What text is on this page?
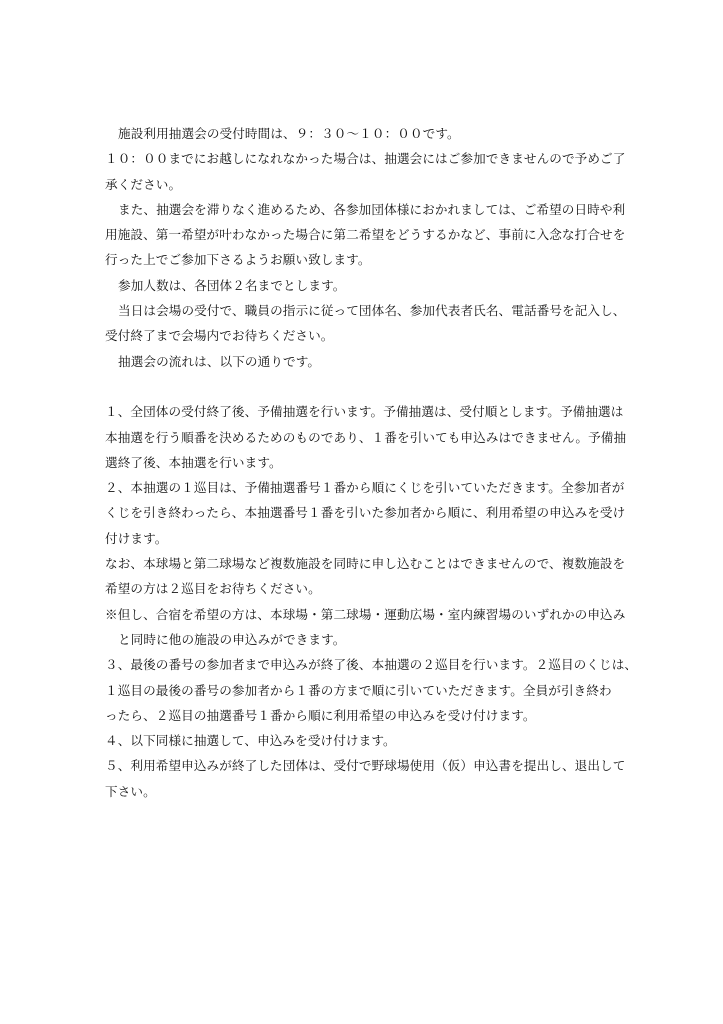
施設利用抽選会の受付時間は、９：３０～１０：００です。
１０：００までにお越しになれなかった場合は、抽選会にはご参加できませんので予めご了
承ください。
また、抽選会を滞りなく進めるため、各参加団体様におかれましては、ご希望の日時や利
用施設、第一希望が叶わなかった場合に第二希望をどうするかなど、事前に入念な打合せを
行った上でご参加下さるようお願い致します。
参加人数は、各団体２名までとします。
当日は会場の受付で、職員の指示に従って団体名、参加代表者氏名、電話番号を記入し、
受付終了まで会場内でお待ちください。
抽選会の流れは、以下の通りです。
１、全団体の受付終了後、予備抽選を行います。予備抽選は、受付順とします。予備抽選は
本抽選を行う順番を決めるためのものであり、１番を引いても申込みはできません。予備抽
選終了後、本抽選を行います。
２、本抽選の１巡目は、予備抽選番号１番から順にくじを引いていただきます。全参加者が
くじを引き終わったら、本抽選番号１番を引いた参加者から順に、利用希望の申込みを受け
付けます。
なお、本球場と第二球場など複数施設を同時に申し込むことはできませんので、複数施設を
希望の方は２巡目をお待ちください。
※但し、合宿を希望の方は、本球場・第二球場・運動広場・室内練習場のいずれかの申込み
と同時に他の施設の申込みができます。
３、最後の番号の参加者まで申込みが終了後、本抽選の２巡目を行います。２巡目のくじは、
１巡目の最後の番号の参加者から１番の方まで順に引いていただきます。全員が引き終わ
ったら、２巡目の抽選番号１番から順に利用希望の申込みを受け付けます。
４、以下同様に抽選して、申込みを受け付けます。
５、利用希望申込みが終了した団体は、受付で野球場使用（仮）申込書を提出し、退出して
下さい。
